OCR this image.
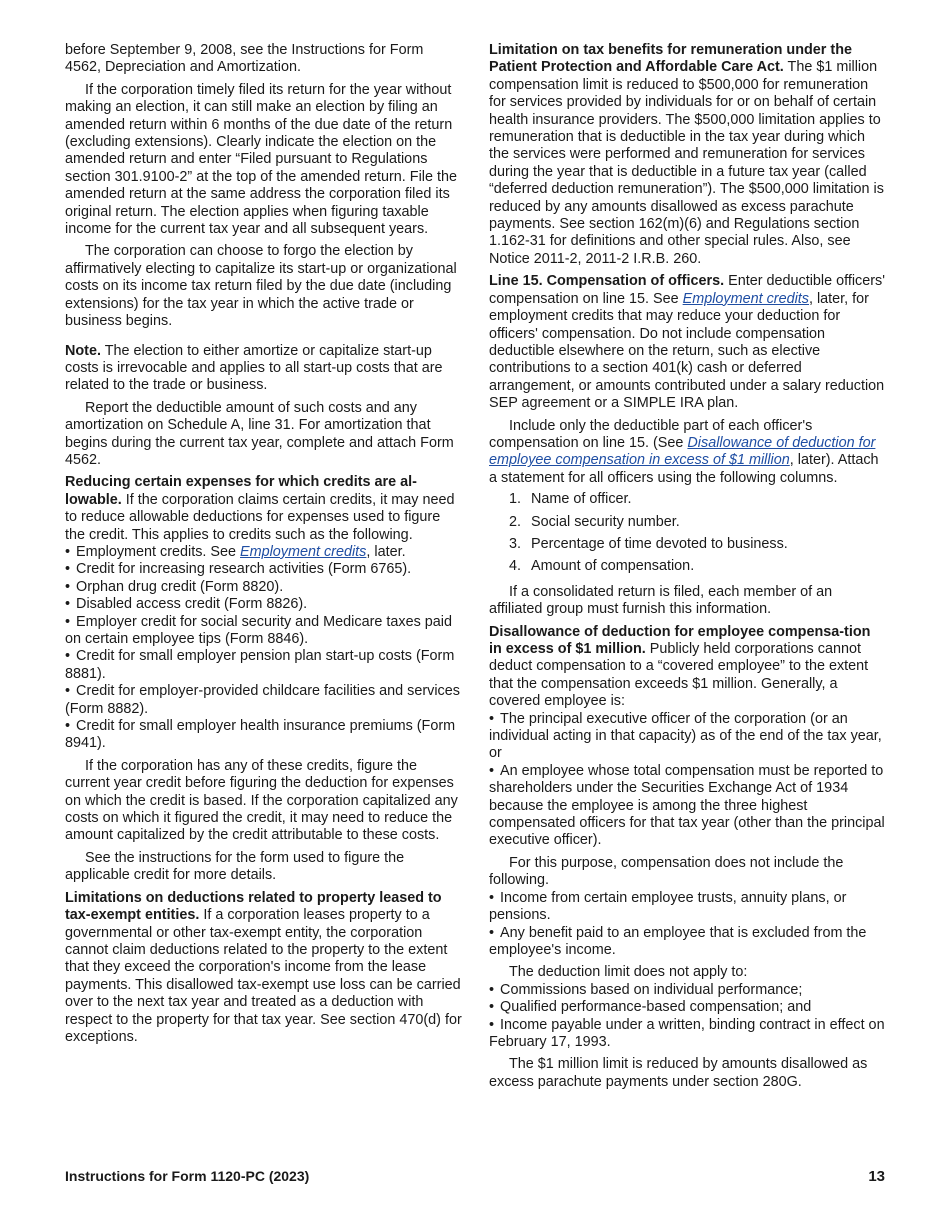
before September 9, 2008, see the Instructions for Form 4562, Depreciation and Amortization.

If the corporation timely filed its return for the year without making an election, it can still make an election by filing an amended return within 6 months of the due date of the return (excluding extensions). Clearly indicate the election on the amended return and enter “Filed pursuant to Regulations section 301.9100-2” at the top of the amended return. File the amended return at the same address the corporation filed its original return. The election applies when figuring taxable income for the current tax year and all subsequent years.

The corporation can choose to forgo the election by affirmatively electing to capitalize its start-up or organizational costs on its income tax return filed by the due date (including extensions) for the tax year in which the active trade or business begins.

Note. The election to either amortize or capitalize start-up costs is irrevocable and applies to all start-up costs that are related to the trade or business.

Report the deductible amount of such costs and any amortization on Schedule A, line 31. For amortization that begins during the current tax year, complete and attach Form 4562.

Reducing certain expenses for which credits are al-lowable. If the corporation claims certain credits, it may need to reduce allowable deductions for expenses used to figure the credit. This applies to credits such as the following.

• Employment credits. See Employment credits, later.
• Credit for increasing research activities (Form 6765).
• Orphan drug credit (Form 8820).
• Disabled access credit (Form 8826).
• Employer credit for social security and Medicare taxes paid on certain employee tips (Form 8846).
• Credit for small employer pension plan start-up costs (Form 8881).
• Credit for employer-provided childcare facilities and services (Form 8882).
• Credit for small employer health insurance premiums (Form 8941).

If the corporation has any of these credits, figure the current year credit before figuring the deduction for expenses on which the credit is based. If the corporation capitalized any costs on which it figured the credit, it may need to reduce the amount capitalized by the credit attributable to these costs.

See the instructions for the form used to figure the applicable credit for more details.

Limitations on deductions related to property leased to tax-exempt entities. If a corporation leases property to a governmental or other tax-exempt entity, the corporation cannot claim deductions related to the property to the extent that they exceed the corporation's income from the lease payments. This disallowed tax-exempt use loss can be carried over to the next tax year and treated as a deduction with respect to the property for that tax year. See section 470(d) for exceptions.

Limitation on tax benefits for remuneration under the Patient Protection and Affordable Care Act. The $1 million compensation limit is reduced to $500,000 for remuneration for services provided by individuals for or on behalf of certain health insurance providers. The $500,000 limitation applies to remuneration that is deductible in the tax year during which the services were performed and remuneration for services during the year that is deductible in a future tax year (called “deferred deduction remuneration”). The $500,000 limitation is reduced by any amounts disallowed as excess parachute payments. See section 162(m)(6) and Regulations section 1.162-31 for definitions and other special rules. Also, see Notice 2011-2, 2011-2 I.R.B. 260.

Line 15. Compensation of officers. Enter deductible officers' compensation on line 15. See Employment credits, later, for employment credits that may reduce your deduction for officers' compensation. Do not include compensation deductible elsewhere on the return, such as elective contributions to a section 401(k) cash or deferred arrangement, or amounts contributed under a salary reduction SEP agreement or a SIMPLE IRA plan.

Include only the deductible part of each officer's compensation on line 15. (See Disallowance of deduction for employee compensation in excess of $1 million, later). Attach a statement for all officers using the following columns.

1. Name of officer.
2. Social security number.
3. Percentage of time devoted to business.
4. Amount of compensation.

If a consolidated return is filed, each member of an affiliated group must furnish this information.

Disallowance of deduction for employee compensa-tion in excess of $1 million. Publicly held corporations cannot deduct compensation to a “covered employee” to the extent that the compensation exceeds $1 million. Generally, a covered employee is:

• The principal executive officer of the corporation (or an individual acting in that capacity) as of the end of the tax year, or
• An employee whose total compensation must be reported to shareholders under the Securities Exchange Act of 1934 because the employee is among the three highest compensated officers for that tax year (other than the principal executive officer).

For this purpose, compensation does not include the following.

• Income from certain employee trusts, annuity plans, or pensions.
• Any benefit paid to an employee that is excluded from the employee's income.

The deduction limit does not apply to:

• Commissions based on individual performance;
• Qualified performance-based compensation; and
• Income payable under a written, binding contract in effect on February 17, 1993.

The $1 million limit is reduced by amounts disallowed as excess parachute payments under section 280G.

Instructions for Form 1120-PC (2023)	13
